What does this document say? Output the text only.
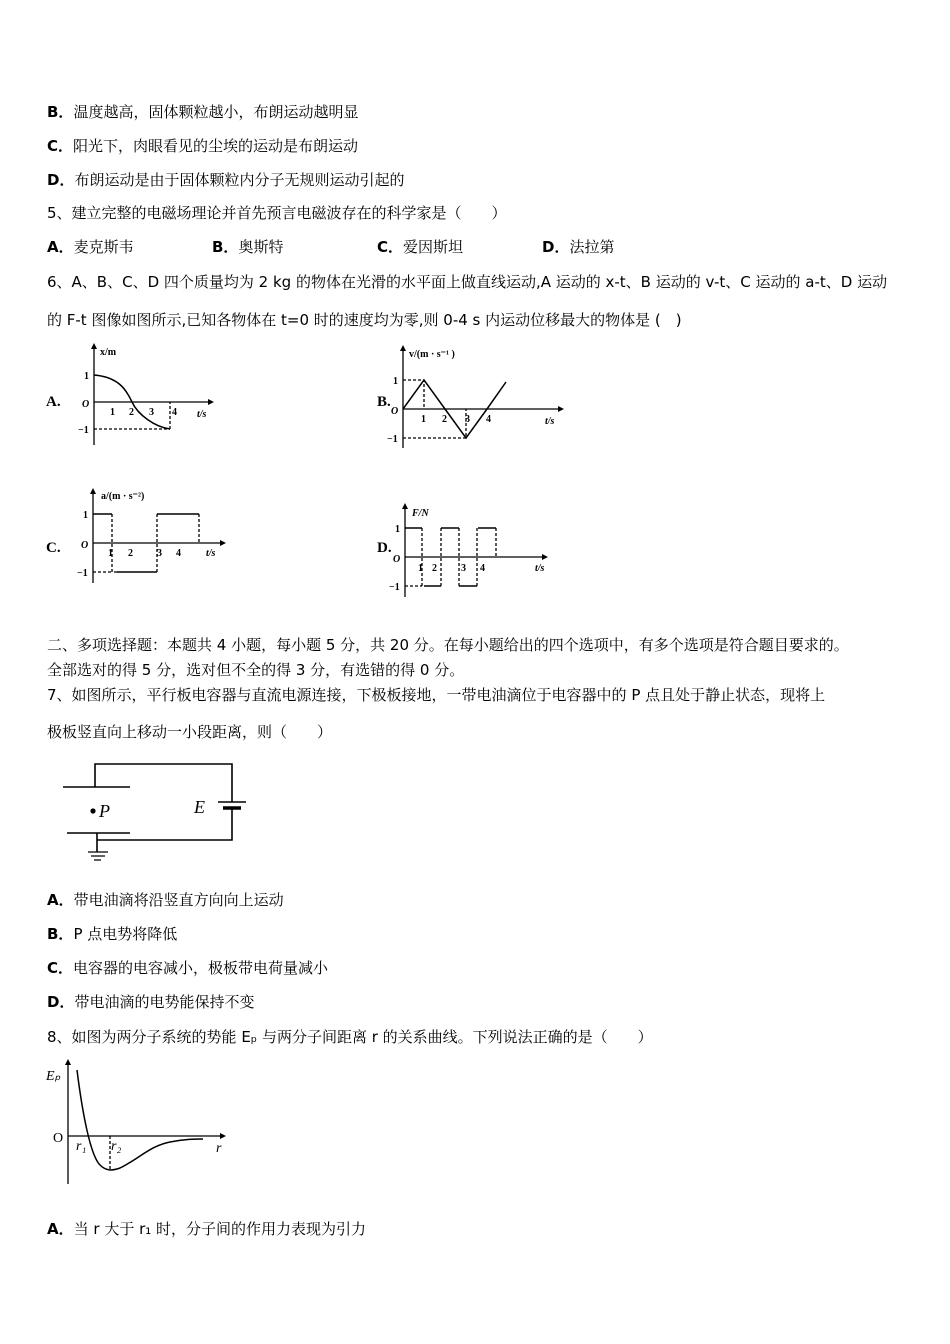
B．温度越高，固体颗粒越小，布朗运动越明显
C．阳光下，肉眼看见的尘埃的运动是布朗运动
D．布朗运动是由于固体颗粒内分子无规则运动引起的
5、建立完整的电磁场理论并首先预言电磁波存在的科学家是（　　）
A．麦克斯韦	B．奥斯特	C．爱因斯坦	D．法拉第
6、A、B、C、D 四个质量均为 2 kg 的物体在光滑的水平面上做直线运动,A 运动的 x-t、B 运动的 v-t、C 运动的 a-t、D 运动
的 F-t 图像如图所示,已知各物体在 t=0 时的速度均为零,则 0-4 s 内运动位移最大的物体是 (　)
A.
x/m
t/s
O
1
−1
1 2 3 4
B.
v/(m · s⁻¹ )
t/s
O
1
−1
1 2 3 4
C.
a/(m · s⁻²)
t/s
O
1
−1
1 2 3 4	D.
F/N
t/s
O
1
−1
1 2 3 4
二、多项选择题：本题共 4 小题，每小题 5 分，共 20 分。在每小题给出的四个选项中，有多个选项是符合题目要求的。
全部选对的得 5 分，选对但不全的得 3 分，有选错的得 0 分。
7、如图所示，平行板电容器与直流电源连接，下极板接地，一带电油滴位于电容器中的 P 点且处于静止状态，现将上
极板竖直向上移动一小段距离，则（　　）
P	E
A．带电油滴将沿竖直方向向上运动
B．P 点电势将降低
C．电容器的电容减小，极板带电荷量减小
D．带电油滴的电势能保持不变
8、如图为两分子系统的势能 Eₚ 与两分子间距离 r 的关系曲线。下列说法正确的是（　　）
Eₚ
r
O
r₁ r₂
A．当 r 大于 r₁ 时，分子间的作用力表现为引力
